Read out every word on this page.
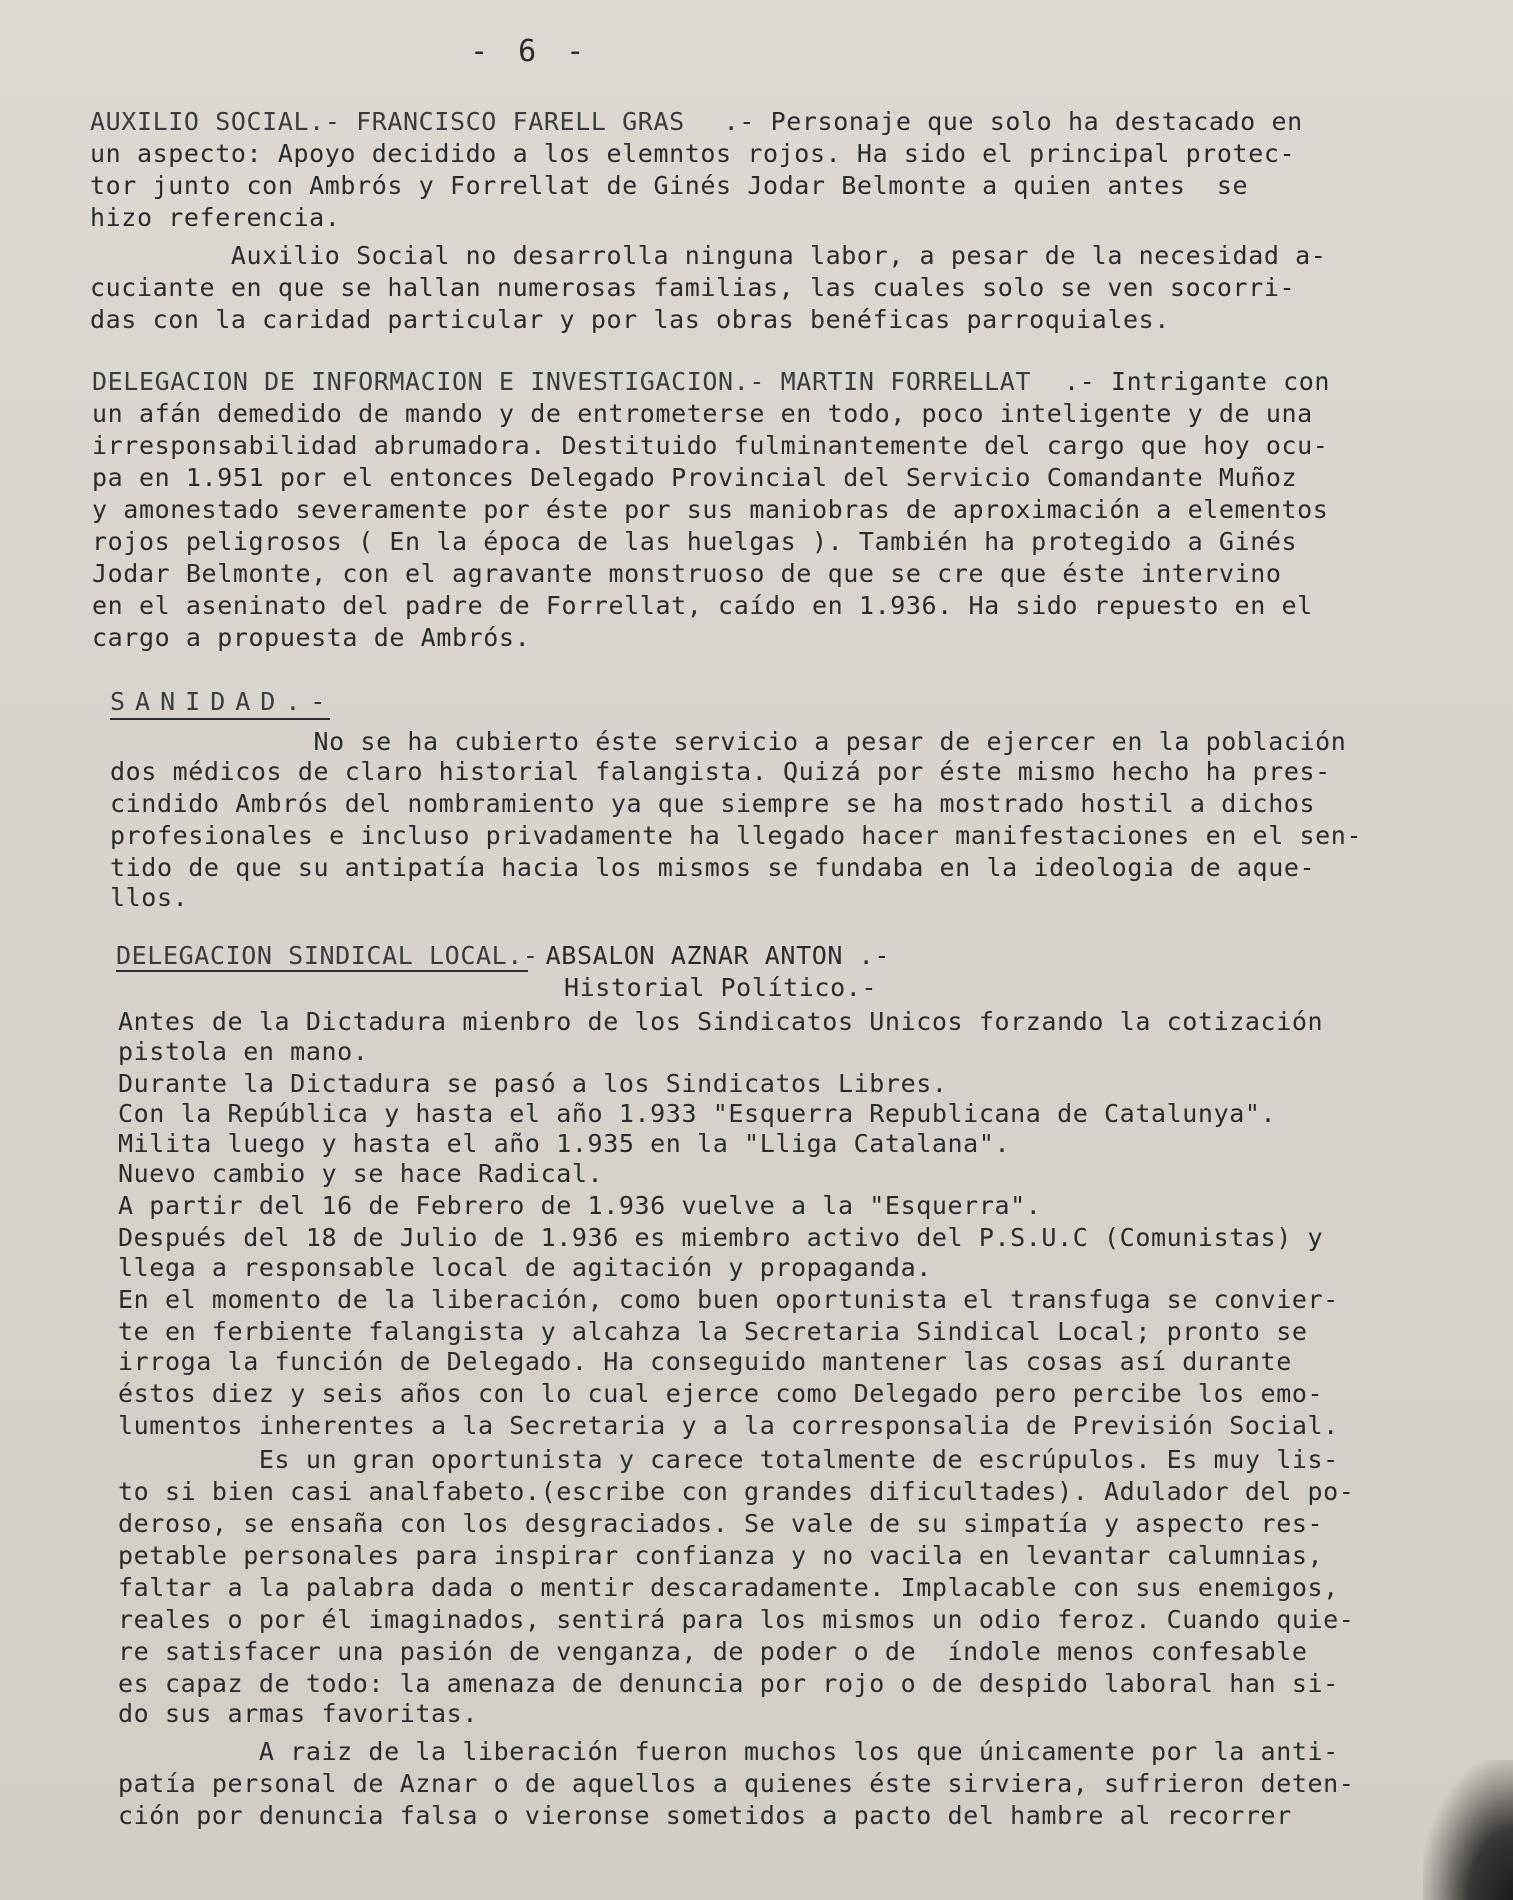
- 6 -
AUXILIO SOCIAL.- FRANCISCO FARELL GRAS .- Personaje que solo ha destacado en
un aspecto: Apoyo decidido a los elemntos rojos. Ha sido el principal protec-
tor junto con Ambrós y Forrellat de Ginés Jodar Belmonte a quien antes  se
hizo referencia.
Auxilio Social no desarrolla ninguna labor, a pesar de la necesidad a-
cuciante en que se hallan numerosas familias, las cuales solo se ven socorri-
das con la caridad particular y por las obras benéficas parroquiales.
DELEGACION DE INFORMACION E INVESTIGACION.- MARTIN FORRELLAT .- Intrigante con
un afán demedido de mando y de entrometerse en todo, poco inteligente y de una
irresponsabilidad abrumadora. Destituido fulminantemente del cargo que hoy ocu-
pa en 1.951 por el entonces Delegado Provincial del Servicio Comandante Muñoz
y amonestado severamente por éste por sus maniobras de aproximación a elementos
rojos peligrosos ( En la época de las huelgas ). También ha protegido a Ginés
Jodar Belmonte, con el agravante monstruoso de que se cre que éste intervino
en el aseninato del padre de Forrellat, caído en 1.936. Ha sido repuesto en el
cargo a propuesta de Ambrós.
SANIDAD.-
No se ha cubierto éste servicio a pesar de ejercer en la población
dos médicos de claro historial falangista. Quizá por éste mismo hecho ha pres-
cindido Ambrós del nombramiento ya que siempre se ha mostrado hostil a dichos
profesionales e incluso privadamente ha llegado hacer manifestaciones en el sen-
tido de que su antipatía hacia los mismos se fundaba en la ideologia de aque-
llos.
DELEGACION SINDICAL LOCAL.-
ABSALON AZNAR ANTON .-
Historial Político.-
Antes de la Dictadura mienbro de los Sindicatos Unicos forzando la cotización
pistola en mano.
Durante la Dictadura se pasó a los Sindicatos Libres.
Con la República y hasta el año 1.933 "Esquerra Republicana de Catalunya".
Milita luego y hasta el año 1.935 en la "Lliga Catalana".
Nuevo cambio y se hace Radical.
A partir del 16 de Febrero de 1.936 vuelve a la "Esquerra".
Después del 18 de Julio de 1.936 es miembro activo del P.S.U.C (Comunistas) y
llega a responsable local de agitación y propaganda.
En el momento de la liberación, como buen oportunista el transfuga se convier-
te en ferbiente falangista y alcahza la Secretaria Sindical Local; pronto se
irroga la función de Delegado. Ha conseguido mantener las cosas así durante
éstos diez y seis años con lo cual ejerce como Delegado pero percibe los emo-
lumentos inherentes a la Secretaria y a la corresponsalia de Previsión Social.
Es un gran oportunista y carece totalmente de escrúpulos. Es muy lis-
to si bien casi analfabeto.(escribe con grandes dificultades). Adulador del po-
deroso, se ensaña con los desgraciados. Se vale de su simpatía y aspecto res-
petable personales para inspirar confianza y no vacila en levantar calumnias,
faltar a la palabra dada o mentir descaradamente. Implacable con sus enemigos,
reales o por él imaginados, sentirá para los mismos un odio feroz. Cuando quie-
re satisfacer una pasión de venganza, de poder o de  índole menos confesable
es capaz de todo: la amenaza de denuncia por rojo o de despido laboral han si-
do sus armas favoritas.
A raiz de la liberación fueron muchos los que únicamente por la anti-
patía personal de Aznar o de aquellos a quienes éste sirviera, sufrieron deten-
ción por denuncia falsa o vieronse sometidos a pacto del hambre al recorrer
